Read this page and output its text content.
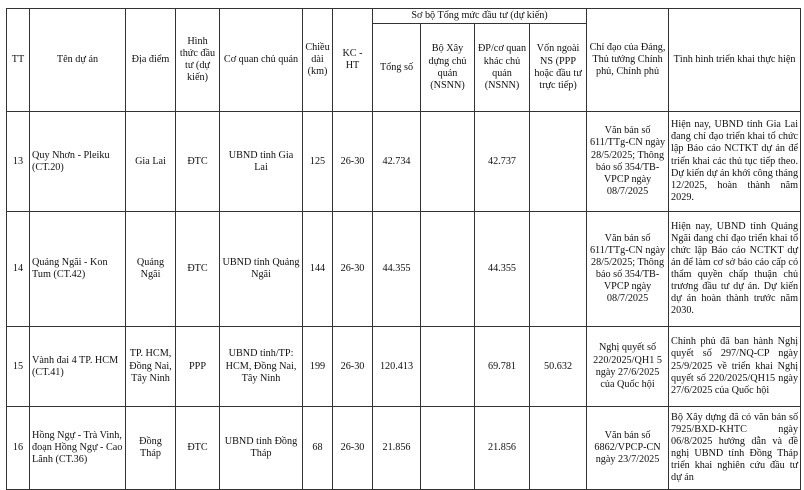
TT	Tên dự án	Địa điểm	Hình thức đầu tư (dự kiến)	Cơ quan chủ quản	Chiều dài (km)	KC - HT	Sơ bộ Tổng mức đầu tư (dự kiến)				Chỉ đạo của Đảng, Thủ tướng Chính phủ, Chính phủ	Tình hình triển khai thực hiện
							Tổng số	Bộ Xây dựng chủ quản (NSNN)	ĐP/cơ quan khác chủ quản (NSNN)	Vốn ngoài NS (PPP hoặc đầu tư trực tiếp)		
13	Quy Nhơn - Pleiku (CT.20)	Gia Lai	ĐTC	UBND tỉnh Gia Lai	125	26-30	42.734		42.737		Văn bản số 611/TTg-CN ngày 28/5/2025; Thông báo số 354/TB-VPCP ngày 08/7/2025	Hiện nay, UBND tỉnh Gia Lai đang chỉ đạo triển khai tổ chức lập Báo cáo NCTKT dự án để triển khai các thủ tục tiếp theo. Dự kiến dự án khởi công tháng 12/2025, hoàn thành năm 2029.
14	Quảng Ngãi - Kon Tum (CT.42)	Quảng Ngãi	ĐTC	UBND tỉnh Quảng Ngãi	144	26-30	44.355		44.355		Văn bản số 611/TTg-CN ngày 28/5/2025; Thông báo số 354/TB-VPCP ngày 08/7/2025	Hiện nay, UBND tỉnh Quảng Ngãi đang chỉ đạo triển khai tổ chức lập Báo cáo NCTKT dự án để làm cơ sở báo cáo cấp có thẩm quyền chấp thuận chủ trương đầu tư dự án. Dự kiến dự án hoàn thành trước năm 2030.
15	Vành đai 4 TP. HCM (CT.41)	TP. HCM, Đồng Nai, Tây Ninh	PPP	UBND tỉnh/TP: HCM, Đồng Nai, Tây Ninh	199	26-30	120.413		69.781	50.632	Nghị quyết số 220/2025/QH1 5 ngày 27/6/2025 của Quốc hội	Chính phủ đã ban hành Nghị quyết số 297/NQ-CP ngày 25/9/2025 về triển khai Nghị quyết số 220/2025/QH15 ngày 27/6/2025 của Quốc hội
16	Hồng Ngự - Trà Vinh, đoạn Hồng Ngự - Cao Lãnh (CT.36)	Đồng Tháp	ĐTC	UBND tỉnh Đồng Tháp	68	26-30	21.856		21.856		Văn bản số 6862/VPCP-CN ngày 23/7/2025	Bộ Xây dựng đã có văn bản số 7925/BXD-KHTC ngày 06/8/2025 hướng dẫn và đề nghị UBND tỉnh Đồng Tháp triển khai nghiên cứu đầu tư dự án
